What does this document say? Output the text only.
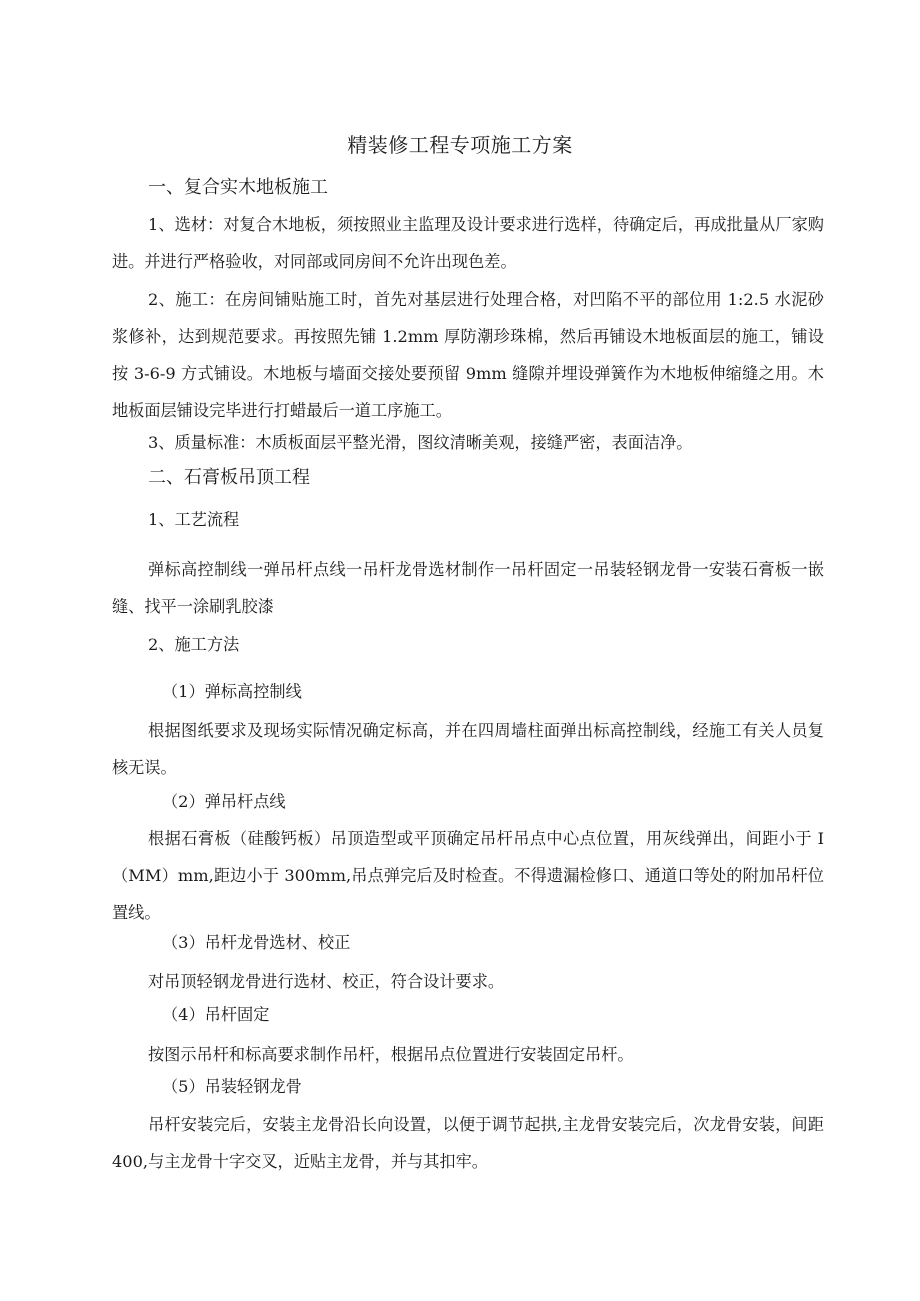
精装修工程专项施工方案
一、复合实木地板施工
1、选材：对复合木地板，须按照业主监理及设计要求进行选样，待确定后，再成批量从厂家购进。并进行严格验收，对同部或同房间不允许出现色差。
2、施工：在房间铺贴施工时，首先对基层进行处理合格，对凹陷不平的部位用 1:2.5 水泥砂浆修补，达到规范要求。再按照先铺 1.2mm 厚防潮珍珠棉，然后再铺设木地板面层的施工，铺设按 3-6-9 方式铺设。木地板与墙面交接处要预留 9mm 缝隙并埋设弹簧作为木地板伸缩缝之用。木地板面层铺设完毕进行打蜡最后一道工序施工。
3、质量标准：木质板面层平整光滑，图纹清晰美观，接缝严密，表面洁净。
二、石膏板吊顶工程
1、工艺流程
弹标高控制线一弹吊杆点线一吊杆龙骨选材制作一吊杆固定一吊装轻钢龙骨一安装石膏板一嵌缝、找平一涂刷乳胶漆
2、施工方法
（1）弹标高控制线
根据图纸要求及现场实际情况确定标高，并在四周墙柱面弹出标高控制线，经施工有关人员复核无误。
（2）弹吊杆点线
根据石膏板（硅酸钙板）吊顶造型或平顶确定吊杆吊点中心点位置，用灰线弹出，间距小于 I（MM）mm,距边小于 300mm,吊点弹完后及时检查。不得遗漏检修口、通道口等处的附加吊杆位置线。
（3）吊杆龙骨选材、校正
对吊顶轻钢龙骨进行选材、校正，符合设计要求。
（4）吊杆固定
按图示吊杆和标高要求制作吊杆，根据吊点位置进行安装固定吊杆。
（5）吊装轻钢龙骨
吊杆安装完后，安装主龙骨沿长向设置，以便于调节起拱,主龙骨安装完后，次龙骨安装，间距 400,与主龙骨十字交叉，近贴主龙骨，并与其扣牢。
